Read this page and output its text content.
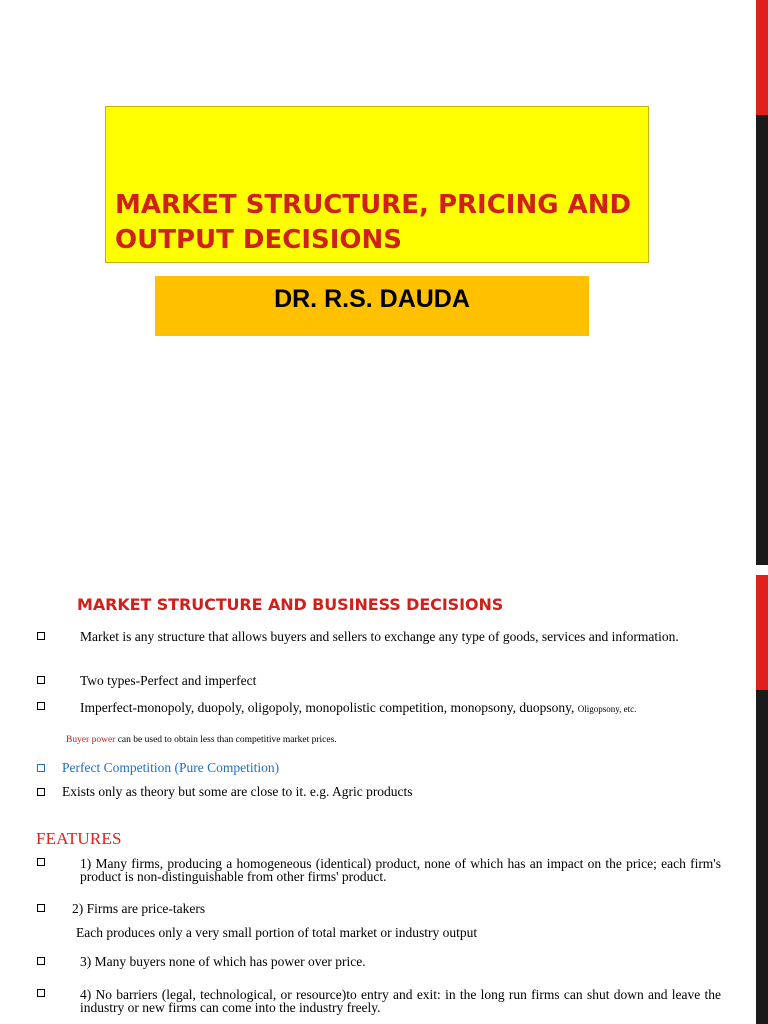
MARKET STRUCTURE, PRICING AND OUTPUT DECISIONS

DR. R.S. DAUDA

MARKET STRUCTURE AND BUSINESS DECISIONS

Market is any structure that allows buyers and sellers to exchange any type of goods, services and information.

Two types-Perfect and imperfect

Imperfect-monopoly, duopoly, oligopoly, monopolistic competition, monopsony, duopsony, Oligopsony, etc.

Buyer power can be used to obtain less than competitive market prices.

Perfect Competition (Pure Competition)

Exists only as theory but some are close to it. e.g. Agric products

FEATURES

1) Many firms, producing a homogeneous (identical) product, none of which has an impact on the price; each firm's product is non-distinguishable from other firms' product.

2) Firms are price-takers

Each produces only a very small portion of total market or industry output

3) Many buyers none of which has power over price.

4) No barriers (legal, technological, or resource)to entry and exit: in the long run firms can shut down and leave the industry or new firms can come into the industry freely.
